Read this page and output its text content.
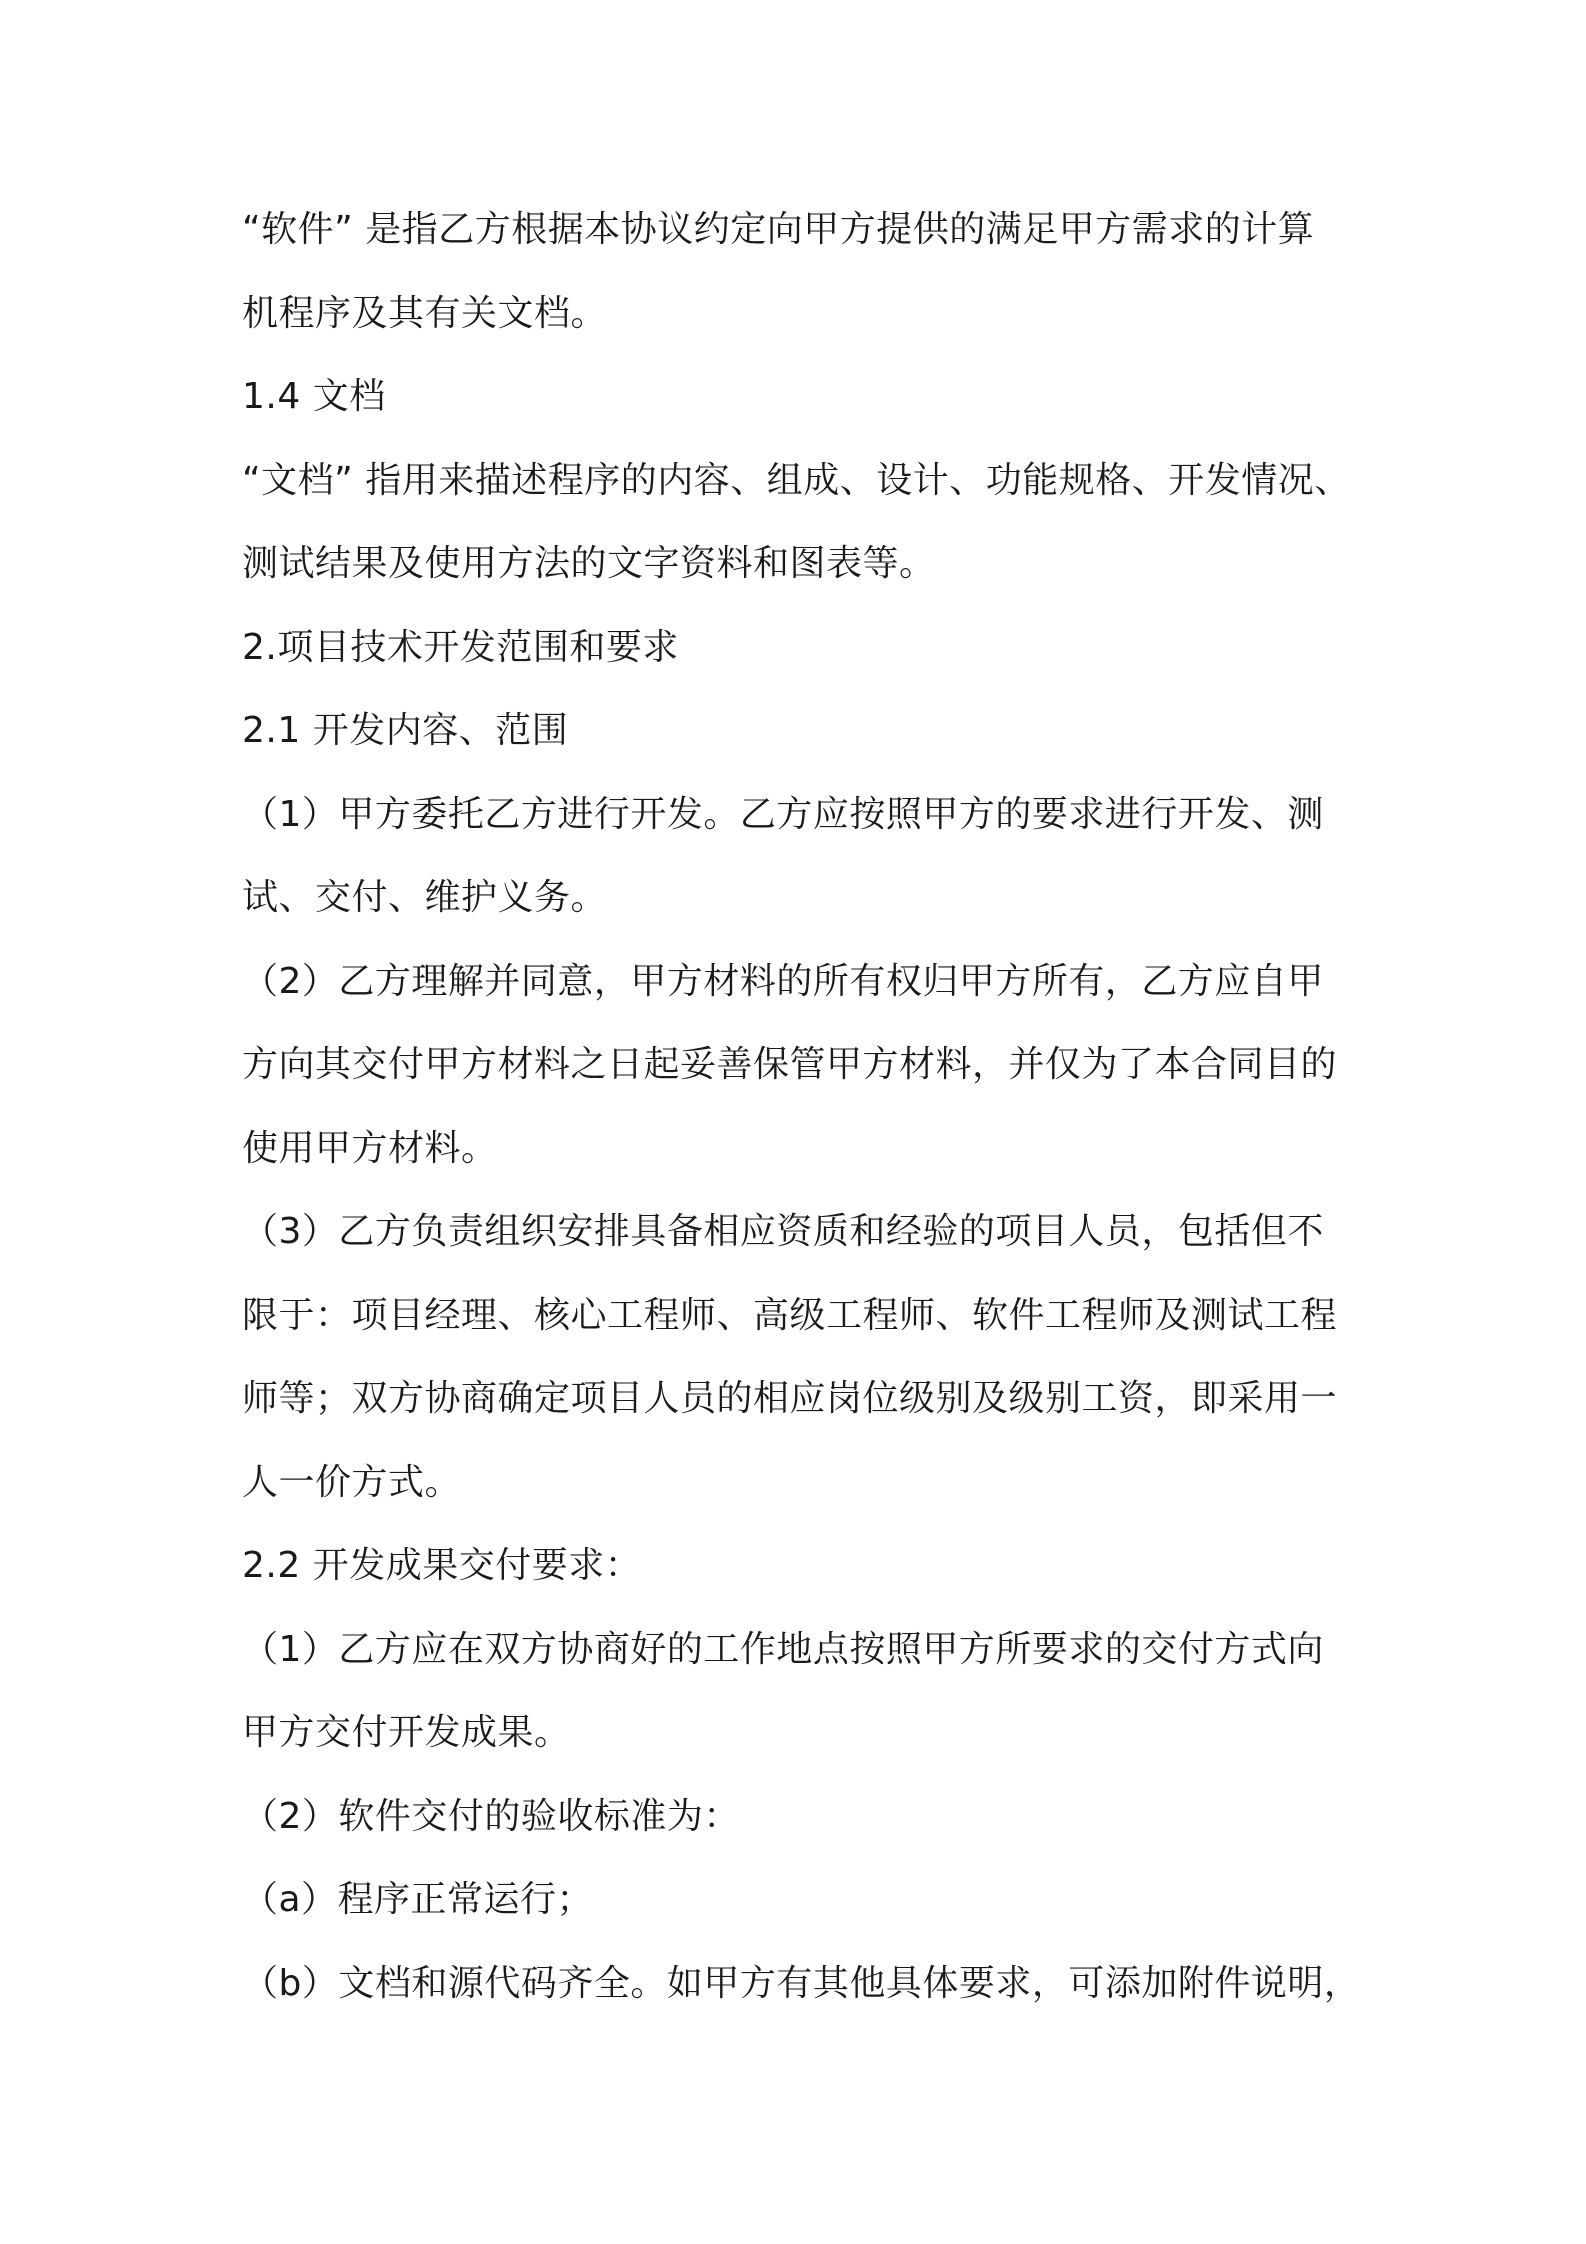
“软件” 是指乙方根据本协议约定向甲方提供的满足甲方需求的计算
机程序及其有关文档。
1.4 文档
“文档” 指用来描述程序的内容、组成、设计、功能规格、开发情况、
测试结果及使用方法的文字资料和图表等。
2.项目技术开发范围和要求
2.1 开发内容、范围
（1）甲方委托乙方进行开发。乙方应按照甲方的要求进行开发、测
试、交付、维护义务。
（2）乙方理解并同意，甲方材料的所有权归甲方所有，乙方应自甲
方向其交付甲方材料之日起妥善保管甲方材料，并仅为了本合同目的
使用甲方材料。
（3）乙方负责组织安排具备相应资质和经验的项目人员，包括但不
限于：项目经理、核心工程师、高级工程师、软件工程师及测试工程
师等；双方协商确定项目人员的相应岗位级别及级别工资，即采用一
人一价方式。
2.2 开发成果交付要求：
（1）乙方应在双方协商好的工作地点按照甲方所要求的交付方式向
甲方交付开发成果。
（2）软件交付的验收标准为：
（a）程序正常运行；
（b）文档和源代码齐全。如甲方有其他具体要求，可添加附件说明，
